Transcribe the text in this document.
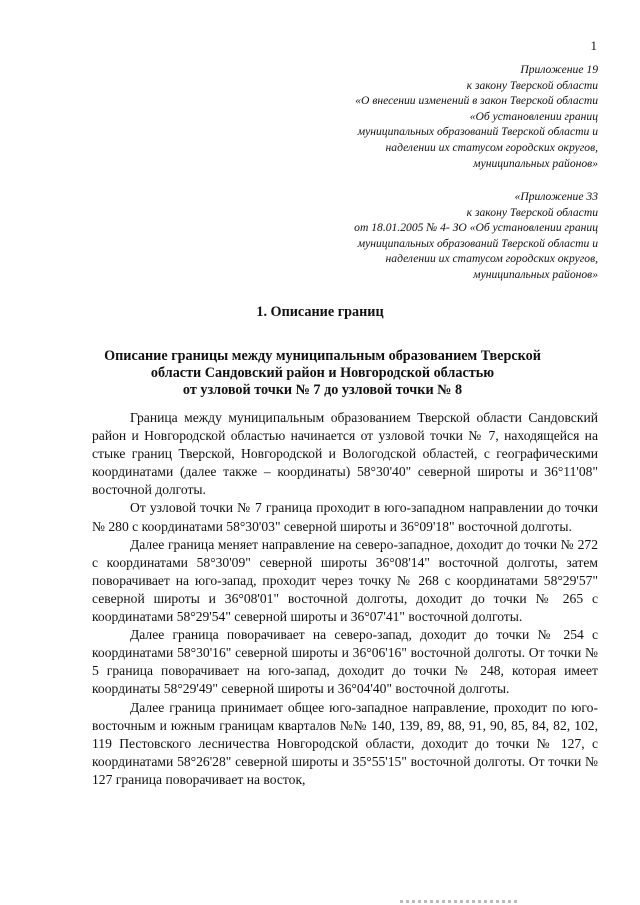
1
Приложение 19
к закону Тверской области
«О внесении изменений в закон Тверской области
«Об установлении границ
муниципальных образований Тверской области и
наделении их статусом городских округов,
муниципальных районов»
«Приложение 33
к закону Тверской области
от 18.01.2005 № 4- ЗО «Об установлении границ
муниципальных образований Тверской области и
наделении их статусом городских округов,
муниципальных районов»
1. Описание границ
Описание границы между муниципальным образованием Тверской
области Сандовский район и Новгородской областью
от узловой точки № 7 до узловой точки № 8

Граница между муниципальным образованием Тверской области Сандовский район и Новгородской областью начинается от узловой точки № 7, находящейся на стыке границ Тверской, Новгородской и Вологодской областей, с географическими координатами (далее также – координаты) 58°30'40" северной широты и 36°11'08" восточной долготы.

От узловой точки № 7 граница проходит в юго-западном направлении до точки № 280 с координатами 58°30'03" северной широты и 36°09'18" восточной долготы.

Далее граница меняет направление на северо-западное, доходит до точки № 272 с координатами 58°30'09" северной широты 36°08'14" восточной долготы, затем поворачивает на юго-запад, проходит через точку № 268 с координатами 58°29'57" северной широты и 36°08'01" восточной долготы, доходит до точки № 265 с координатами 58°29'54" северной широты и 36°07'41" восточной долготы.

Далее граница поворачивает на северо-запад, доходит до точки № 254 с координатами 58°30'16" северной широты и 36°06'16" восточной долготы. От точки № 5 граница поворачивает на юго-запад, доходит до точки № 248, которая имеет координаты 58°29'49" северной широты и 36°04'40" восточной долготы.

Далее граница принимает общее юго-западное направление, проходит по юго-восточным и южным границам кварталов №№ 140, 139, 89, 88, 91, 90, 85, 84, 82, 102, 119 Пестовского лесничества Новгородской области, доходит до точки № 127, с координатами 58°26'28" северной широты и 35°55'15" восточной долготы. От точки № 127 граница поворачивает на восток,
